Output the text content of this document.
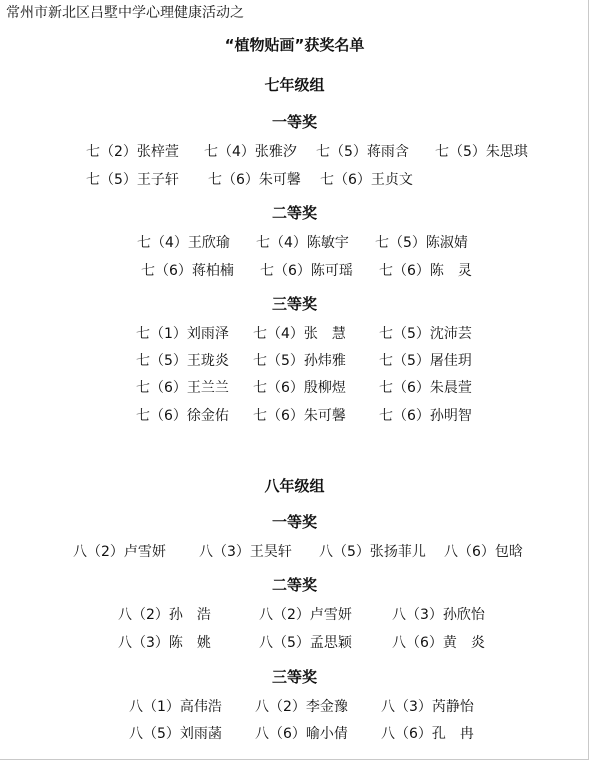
常州市新北区吕墅中学心理健康活动之
“植物贴画”获奖名单
七年级组
一等奖
七（2）张梓萱 七（4）张雅汐 七（5）蒋雨含 七（5）朱思琪
七（5）王子轩 七（6）朱可馨 七（6）王贞文
二等奖
七（4）王欣瑜 七（4）陈敏宇 七（5）陈淑婧
七（6）蒋柏楠 七（6）陈可瑶 七（6）陈　灵
三等奖
七（1）刘雨泽 七（4）张　慧 七（5）沈沛芸
七（5）王珑炎 七（5）孙炜雅 七（5）屠佳玥
七（6）王兰兰 七（6）殷柳煜 七（6）朱晨萱
七（6）徐金佑 七（6）朱可馨 七（6）孙明智
八年级组
一等奖
八（2）卢雪妍 八（3）王昊轩 八（5）张扬菲儿 八（6）包晗
二等奖
八（2）孙　浩	八（2）卢雪妍	八（3）孙欣怡
八（3）陈　姚	八（5）孟思颖	八（6）黄　炎
三等奖
八（1）高伟浩 八（2）李金豫 八（3）芮静怡
八（5）刘雨菡 八（6）喻小倩 八（6）孔　冉
